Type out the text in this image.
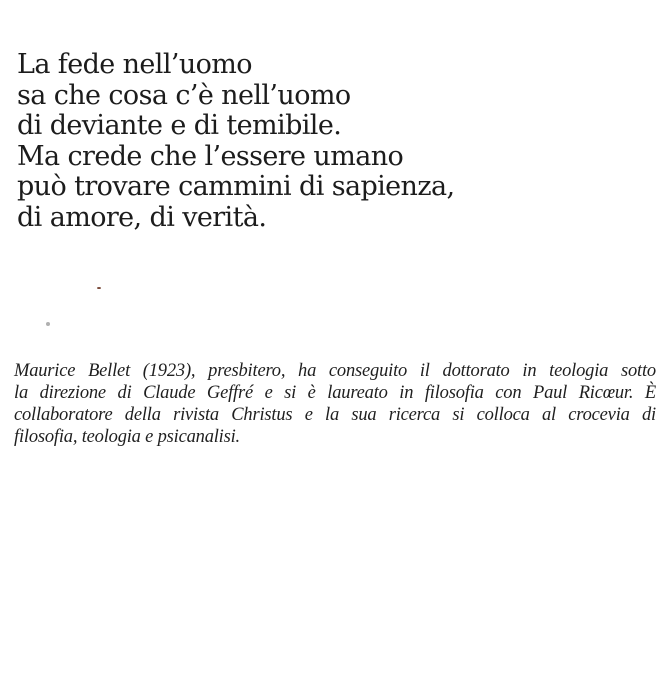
La fede nell’uomo
sa che cosa c’è nell’uomo
di deviante e di temibile.
Ma crede che l’essere umano
può trovare cammini di sapienza,
di amore, di verità.
Maurice Bellet (1923), presbitero, ha conseguito il dottorato in teologia sotto
la direzione di Claude Geffré e si è laureato in filosofia con Paul Ricœur. È
collaboratore della rivista Christus e la sua ricerca si colloca al crocevia di
filosofia, teologia e psicanalisi.
